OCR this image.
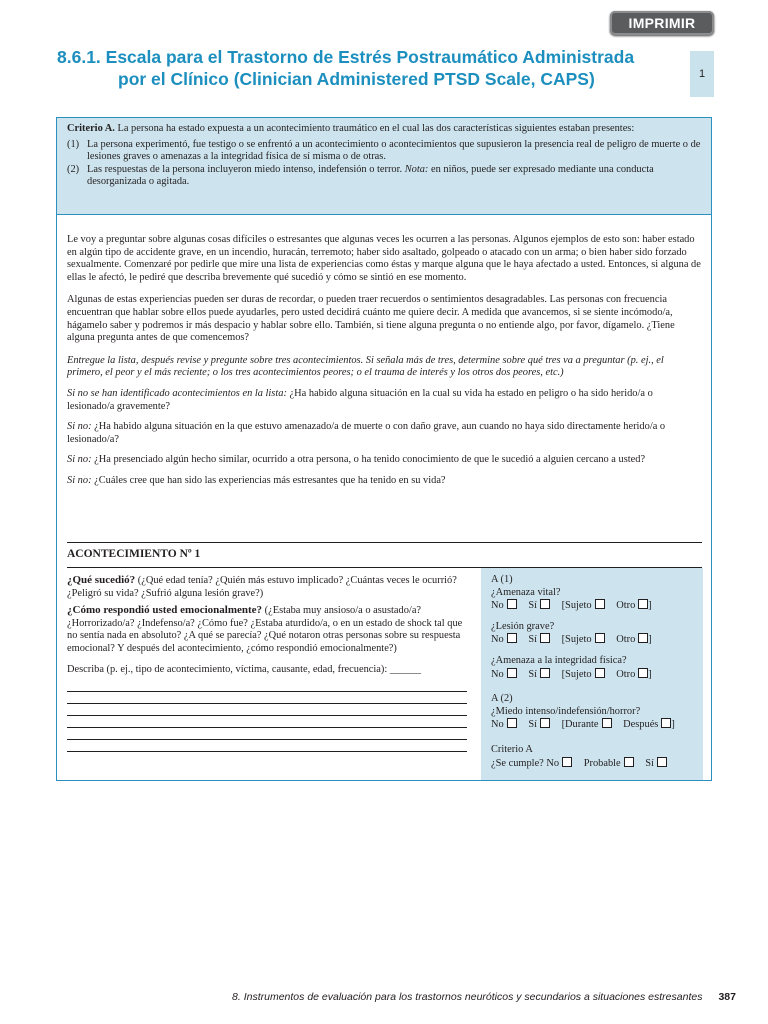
IMPRIMIR
8.6.1. Escala para el Trastorno de Estrés Postraumático Administrada
por el Clínico (Clinician Administered PTSD Scale, CAPS)	1
Criterio A. La persona ha estado expuesta a un acontecimiento traumático en el cual las dos características siguientes estaban presentes:
(1) La persona experimentó, fue testigo o se enfrentó a un acontecimiento o acontecimientos que supusieron la presencia real de peligro de muerte o de lesiones graves o amenazas a la integridad física de sí misma o de otras.
(2) Las respuestas de la persona incluyeron miedo intenso, indefensión o terror. Nota: en niños, puede ser expresado mediante una conducta desorganizada o agitada.

Le voy a preguntar sobre algunas cosas difíciles o estresantes que algunas veces les ocurren a las personas. Algunos ejemplos de esto son: haber estado en algún tipo de accidente grave, en un incendio, huracán, terremoto; haber sido asaltado, golpeado o atacado con un arma; o bien haber sido forzado sexualmente. Comenzaré por pedirle que mire una lista de experiencias como éstas y marque alguna que le haya afectado a usted. Entonces, si alguna de ellas le afectó, le pediré que describa brevemente qué sucedió y cómo se sintió en ese momento.

Algunas de estas experiencias pueden ser duras de recordar, o pueden traer recuerdos o sentimientos desagradables. Las personas con frecuencia encuentran que hablar sobre ellos puede ayudarles, pero usted decidirá cuánto me quiere decir. A medida que avancemos, si se siente incómodo/a, hágamelo saber y podremos ir más despacio y hablar sobre ello. También, si tiene alguna pregunta o no entiende algo, por favor, dígamelo. ¿Tiene alguna pregunta antes de que comencemos?

Entregue la lista, después revise y pregunte sobre tres acontecimientos. Si señala más de tres, determine sobre qué tres va a preguntar (p. ej., el primero, el peor y el más reciente; o los tres acontecimientos peores; o el trauma de interés y los otros dos peores, etc.)

Si no se han identificado acontecimientos en la lista: ¿Ha habido alguna situación en la cual su vida ha estado en peligro o ha sido herido/a o lesionado/a gravemente?

Si no: ¿Ha habido alguna situación en la que estuvo amenazado/a de muerte o con daño grave, aun cuando no haya sido directamente herido/a o lesionado/a?

Si no: ¿Ha presenciado algún hecho similar, ocurrido a otra persona, o ha tenido conocimiento de que le sucedió a alguien cercano a usted?

Si no: ¿Cuáles cree que han sido las experiencias más estresantes que ha tenido en su vida?

ACONTECIMIENTO Nº 1

¿Qué sucedió? (¿Qué edad tenía? ¿Quién más estuvo implicado? ¿Cuántas veces le ocurrió? ¿Peligró su vida? ¿Sufrió alguna lesión grave?)

¿Cómo respondió usted emocionalmente? (¿Estaba muy ansioso/a o asustado/a? ¿Horrorizado/a? ¿Indefenso/a? ¿Cómo fue? ¿Estaba aturdido/a, o en un estado de shock tal que no sentía nada en absoluto? ¿A qué se parecía? ¿Qué notaron otras personas sobre su respuesta emocional? Y después del acontecimiento, ¿cómo respondió emocionalmente?)

Describa (p. ej., tipo de acontecimiento, víctima, causante, edad, frecuencia): ______

A (1)
¿Amenaza vital?
No Sí [Sujeto Otro ]
¿Lesión grave?
No Sí [Sujeto Otro ]
¿Amenaza a la integridad física?
No Sí [Sujeto Otro ]
A (2)
¿Miedo intenso/indefensión/horror?
No Sí [Durante Después ]
Criterio A
¿Se cumple? No Probable Sí
8. Instrumentos de evaluación para los trastornos neuróticos y secundarios a situaciones estresantes 387
